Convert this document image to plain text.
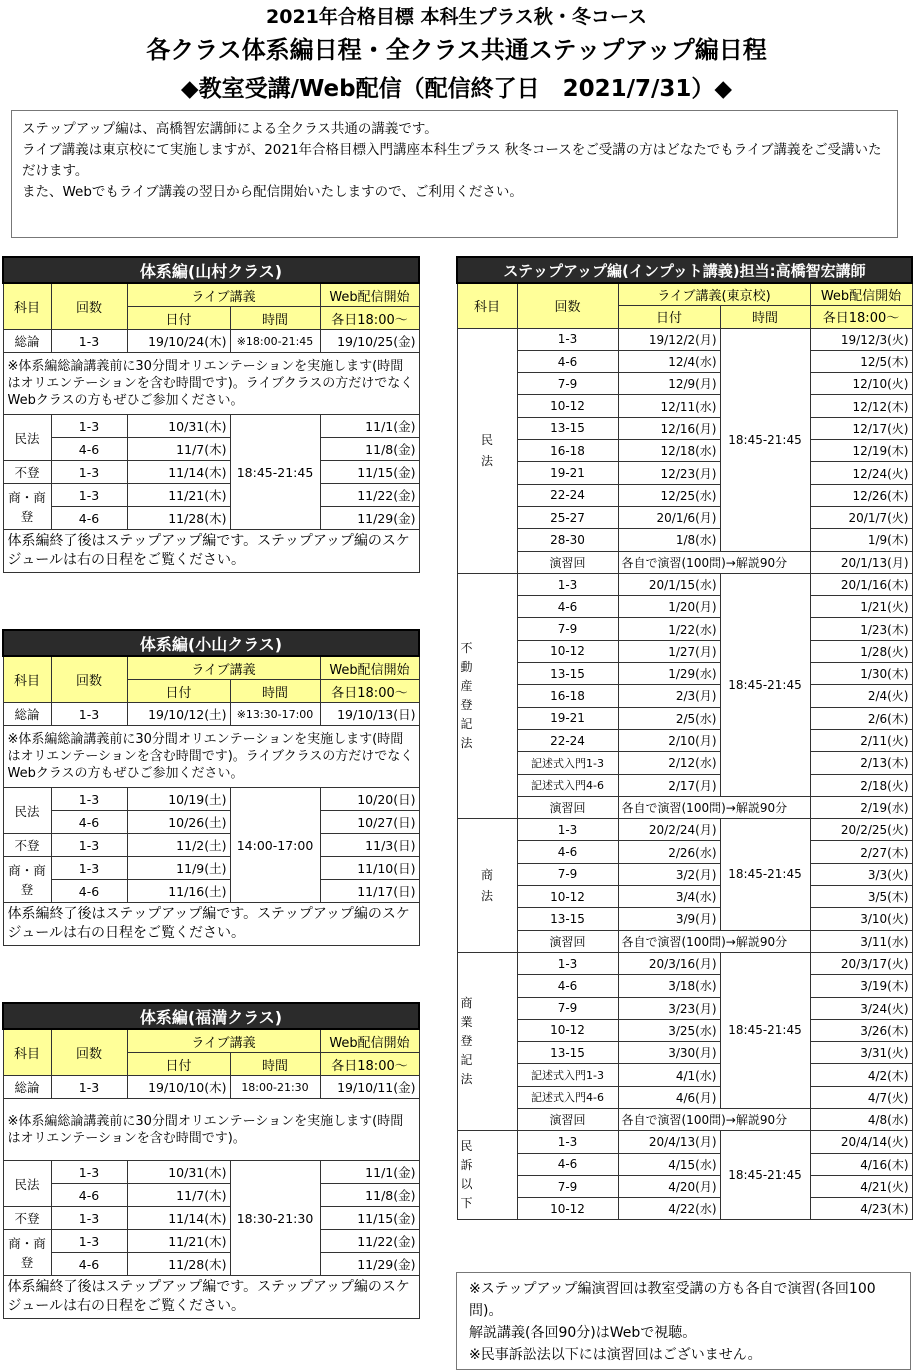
2021年合格目標 本科生プラス秋・冬コース
各クラス体系編日程・全クラス共通ステップアップ編日程
◆教室受講/Web配信（配信終了日　2021/7/31）◆

ステップアップ編は、高橋智宏講師による全クラス共通の講義です。

ライブ講義は東京校にて実施しますが、2021年合格目標入門講座本科生プラス 秋冬コースをご受講の方はどなたでもライブ講義をご受講いただけます。

また、Webでもライブ講義の翌日から配信開始いたしますので、ご利用ください。

体系編(山村クラス)				
科目	回数	ライブ講義		Web配信開始
		日付	時間	各日18:00～
総論	1-3	19/10/24(木)	※18:00-21:45	19/10/25(金)
※体系編総論講義前に30分間オリエンテーションを実施します(時間はオリエンテーションを含む時間です)。ライブクラスの方だけでなくWebクラスの方もぜひご参加ください。				
民法	1-3	10/31(木)	18:45-21:45	11/1(金)
	4-6	11/7(木)		11/8(金)
不登	1-3	11/14(木)		11/15(金)
商・商登	1-3	11/21(木)		11/22(金)
	4-6	11/28(木)		11/29(金)
体系編終了後はステップアップ編です。ステップアップ編のスケジュールは右の日程をご覧ください。				
体系編(小山クラス)				
科目	回数	ライブ講義		Web配信開始
		日付	時間	各日18:00～
総論	1-3	19/10/12(土)	※13:30-17:00	19/10/13(日)
※体系編総論講義前に30分間オリエンテーションを実施します(時間はオリエンテーションを含む時間です)。ライブクラスの方だけでなくWebクラスの方もぜひご参加ください。				
民法	1-3	10/19(土)	14:00-17:00	10/20(日)
	4-6	10/26(土)		10/27(日)
不登	1-3	11/2(土)		11/3(日)
商・商登	1-3	11/9(土)		11/10(日)
	4-6	11/16(土)		11/17(日)
体系編終了後はステップアップ編です。ステップアップ編のスケジュールは右の日程をご覧ください。				
体系編(福満クラス)				
科目	回数	ライブ講義		Web配信開始
		日付	時間	各日18:00～
総論	1-3	19/10/10(木)	18:00-21:30	19/10/11(金)
※体系編総論講義前に30分間オリエンテーションを実施します(時間はオリエンテーションを含む時間です)。				
民法	1-3	10/31(木)	18:30-21:30	11/1(金)
	4-6	11/7(木)		11/8(金)
不登	1-3	11/14(木)		11/15(金)
商・商登	1-3	11/21(木)		11/22(金)
	4-6	11/28(木)		11/29(金)
体系編終了後はステップアップ編です。ステップアップ編のスケジュールは右の日程をご覧ください。				
ステップアップ編(インプット講義)担当:高橋智宏講師				
科目	回数	ライブ講義(東京校)		Web配信開始
		日付	時間	各日18:00～

民法	1-3	19/12/2(月)	18:45-21:45	19/12/3(火)
	4-6	12/4(水)		12/5(木)
	7-9	12/9(月)		12/10(火)
	10-12	12/11(水)		12/12(木)
	13-15	12/16(月)		12/17(火)
	16-18	12/18(水)		12/19(木)
	19-21	12/23(月)		12/24(火)
	22-24	12/25(水)		12/26(木)
	25-27	20/1/6(月)		20/1/7(火)
	28-30	1/8(水)		1/9(木)
	演習回	各自で演習(100問)→解説90分		20/1/13(月)

不動産登記法	1-3	20/1/15(水)	18:45-21:45	20/1/16(木)
	4-6	1/20(月)		1/21(火)
	7-9	1/22(水)		1/23(木)
	10-12	1/27(月)		1/28(火)
	13-15	1/29(水)		1/30(木)
	16-18	2/3(月)		2/4(火)
	19-21	2/5(水)		2/6(木)
	22-24	2/10(月)		2/11(火)
	記述式入門1-3	2/12(水)		2/13(木)
	記述式入門4-6	2/17(月)		2/18(火)
	演習回	各自で演習(100問)→解説90分		2/19(水)

商法	1-3	20/2/24(月)	18:45-21:45	20/2/25(火)
	4-6	2/26(水)		2/27(木)
	7-9	3/2(月)		3/3(火)
	10-12	3/4(水)		3/5(木)
	13-15	3/9(月)		3/10(火)
	演習回	各自で演習(100問)→解説90分		3/11(水)

商業登記法	1-3	20/3/16(月)	18:45-21:45	20/3/17(火)
	4-6	3/18(水)		3/19(木)
	7-9	3/23(月)		3/24(火)
	10-12	3/25(水)		3/26(木)
	13-15	3/30(月)		3/31(火)
	記述式入門1-3	4/1(水)		4/2(木)
	記述式入門4-6	4/6(月)		4/7(火)
	演習回	各自で演習(100問)→解説90分		4/8(水)

民訴以下	1-3	20/4/13(月)	18:45-21:45	20/4/14(火)
	4-6	4/15(水)		4/16(木)
	7-9	4/20(月)		4/21(火)
	10-12	4/22(水)		4/23(木)

※ステップアップ編演習回は教室受講の方も各自で演習(各回100問)。

解説講義(各回90分)はWebで視聴。

※民事訴訟法以下には演習回はございません。
